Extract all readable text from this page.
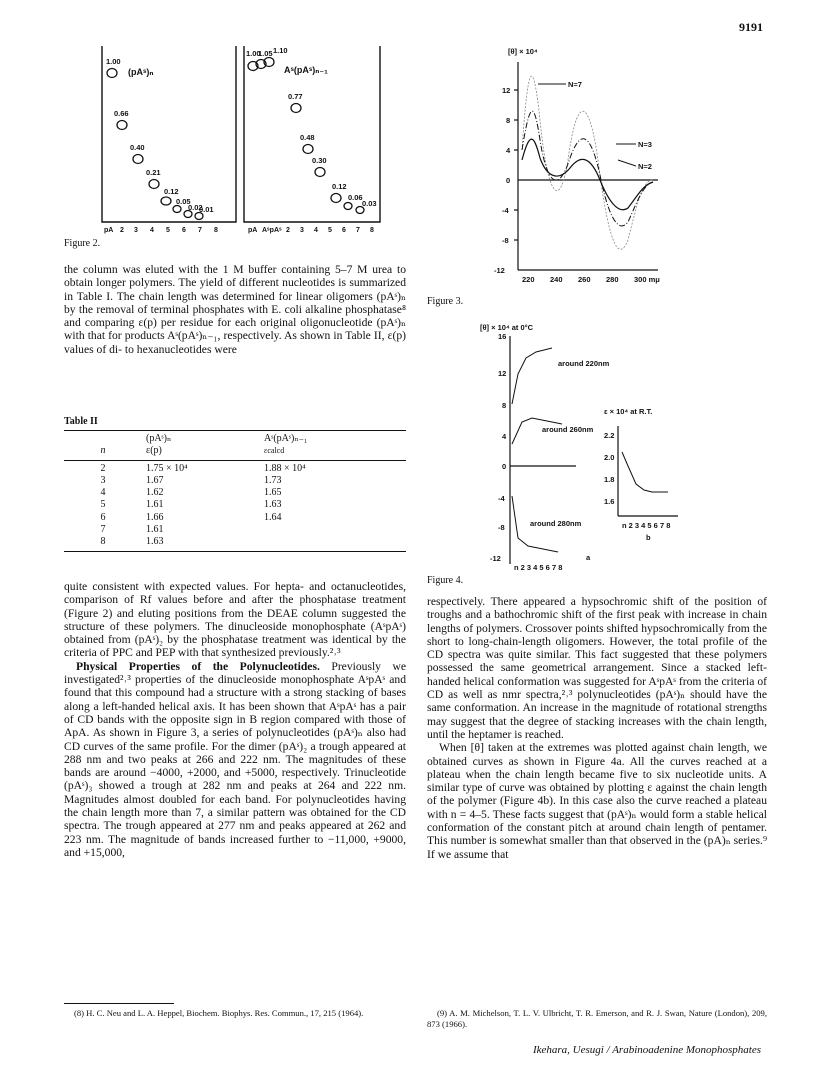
9191
1.00
0.66
0.40
0.21
0.12
0.05
0.02
0.01
1.05 1.10
1.00
0.77
0.48
0.30
0.12
0.06
0.03
(pAˢ)ₙ	Aˢ(pAˢ)ₙ₋₁
pA 2 3 4 5 6 7 8	pA AˢpAˢ 2 3 4 5 6 7 8
Figure 2.

the column was eluted with the 1 M buffer containing 5–7 M urea to obtain longer polymers. The yield of different nucleotides is summarized in Table I. The chain length was determined for linear oligomers (pAˢ)ₙ by the removal of terminal phosphates with E. coli alkaline phosphatase⁸ and comparing ε(p) per residue for each original oligonucleotide (pAˢ)ₙ with that for products Aˢ(pAˢ)ₙ₋₁, respectively. As shown in Table II, ε(p) values of di- to hexanucleotides were

Table II
	(pAˢ)ₙ	Aˢ(pAˢ)ₙ₋₁
n	ε(p)	εcalcd
2	1.75 × 10⁴	1.88 × 10⁴
3	1.67	1.73
4	1.62	1.65
5	1.61	1.63
6	1.66	1.64
7	1.61	
8	1.63	

quite consistent with expected values. For hepta- and octanucleotides, comparison of Rf values before and after the phosphatase treatment (Figure 2) and eluting positions from the DEAE column suggested the structure of these polymers. The dinucleoside monophosphate (AˢpAˢ) obtained from (pAˢ)₂ by the phosphatase treatment was identical by the criteria of PPC and PEP with that synthesized previously.²˒³

Physical Properties of the Polynucleotides. Previously we investigated²˒³ properties of the dinucleoside monophosphate AˢpAˢ and found that this compound had a structure with a strong stacking of bases along a left-handed helical axis. It has been shown that AˢpAˢ has a pair of CD bands with the opposite sign in B region compared with those of ApA. As shown in Figure 3, a series of polynucleotides (pAˢ)ₙ also had CD curves of the same profile. For the dimer (pAˢ)₂ a trough appeared at 288 nm and two peaks at 266 and 222 nm. The magnitudes of these bands are around −4000, +2000, and +5000, respectively. Trinucleotide (pAˢ)₃ showed a trough at 282 nm and peaks at 264 and 222 nm. Magnitudes almost doubled for each band. For polynucleotides having the chain length more than 7, a similar pattern was obtained for the CD spectra. The trough appeared at 277 nm and peaks appeared at 262 and 223 nm. The magnitude of bands increased further to −11,000, +9000, and +15,000,

[θ] × 10⁴
12
8
4
0
-4
-8
-12
220 240 260 280 300 mμ
N=7
N=3
N=2
Figure 3.
[θ] × 10⁴ at 0°C
16
12
8
4
0
-4
-8
-12
around 220nm
around 260nm
around 280nm
n 2 3 4 5 6 7 8
a
ε × 10⁴ at R.T.
2.2
2.0
1.8
1.6
n 2 3 4 5 6 7 8
b
Figure 4.

respectively. There appeared a hypsochromic shift of the position of troughs and a bathochromic shift of the first peak with increase in chain lengths of polymers. Crossover points shifted hypsochromically from the short to long-chain-length oligomers. However, the total profile of the CD spectra was quite similar. This fact suggested that these polymers possessed the same geometrical arrangement. Since a stacked left-handed helical conformation was suggested for AˢpAˢ from the criteria of CD as well as nmr spectra,²˒³ polynucleotides (pAˢ)ₙ should have the same conformation. An increase in the magnitude of rotational strengths may suggest that the degree of stacking increases with the chain length, until the heptamer is reached.

When [θ] taken at the extremes was plotted against chain length, we obtained curves as shown in Figure 4a. All the curves reached at a plateau when the chain length became five to six nucleotide units. A similar type of curve was obtained by plotting ε against the chain length of the polymer (Figure 4b). In this case also the curve reached a plateau with n = 4–5. These facts suggest that (pAˢ)ₙ would form a stable helical conformation of the constant pitch at around chain length of pentamer. This number is somewhat smaller than that observed in the (pA)ₙ series.⁹ If we assume that

(8) H. C. Neu and L. A. Heppel, Biochem. Biophys. Res. Commun., 17, 215 (1964).	(9) A. M. Michelson, T. L. V. Ulbricht, T. R. Emerson, and R. J. Swan, Nature (London), 209, 873 (1966).

Ikehara, Uesugi / Arabinoadenine Monophosphates
